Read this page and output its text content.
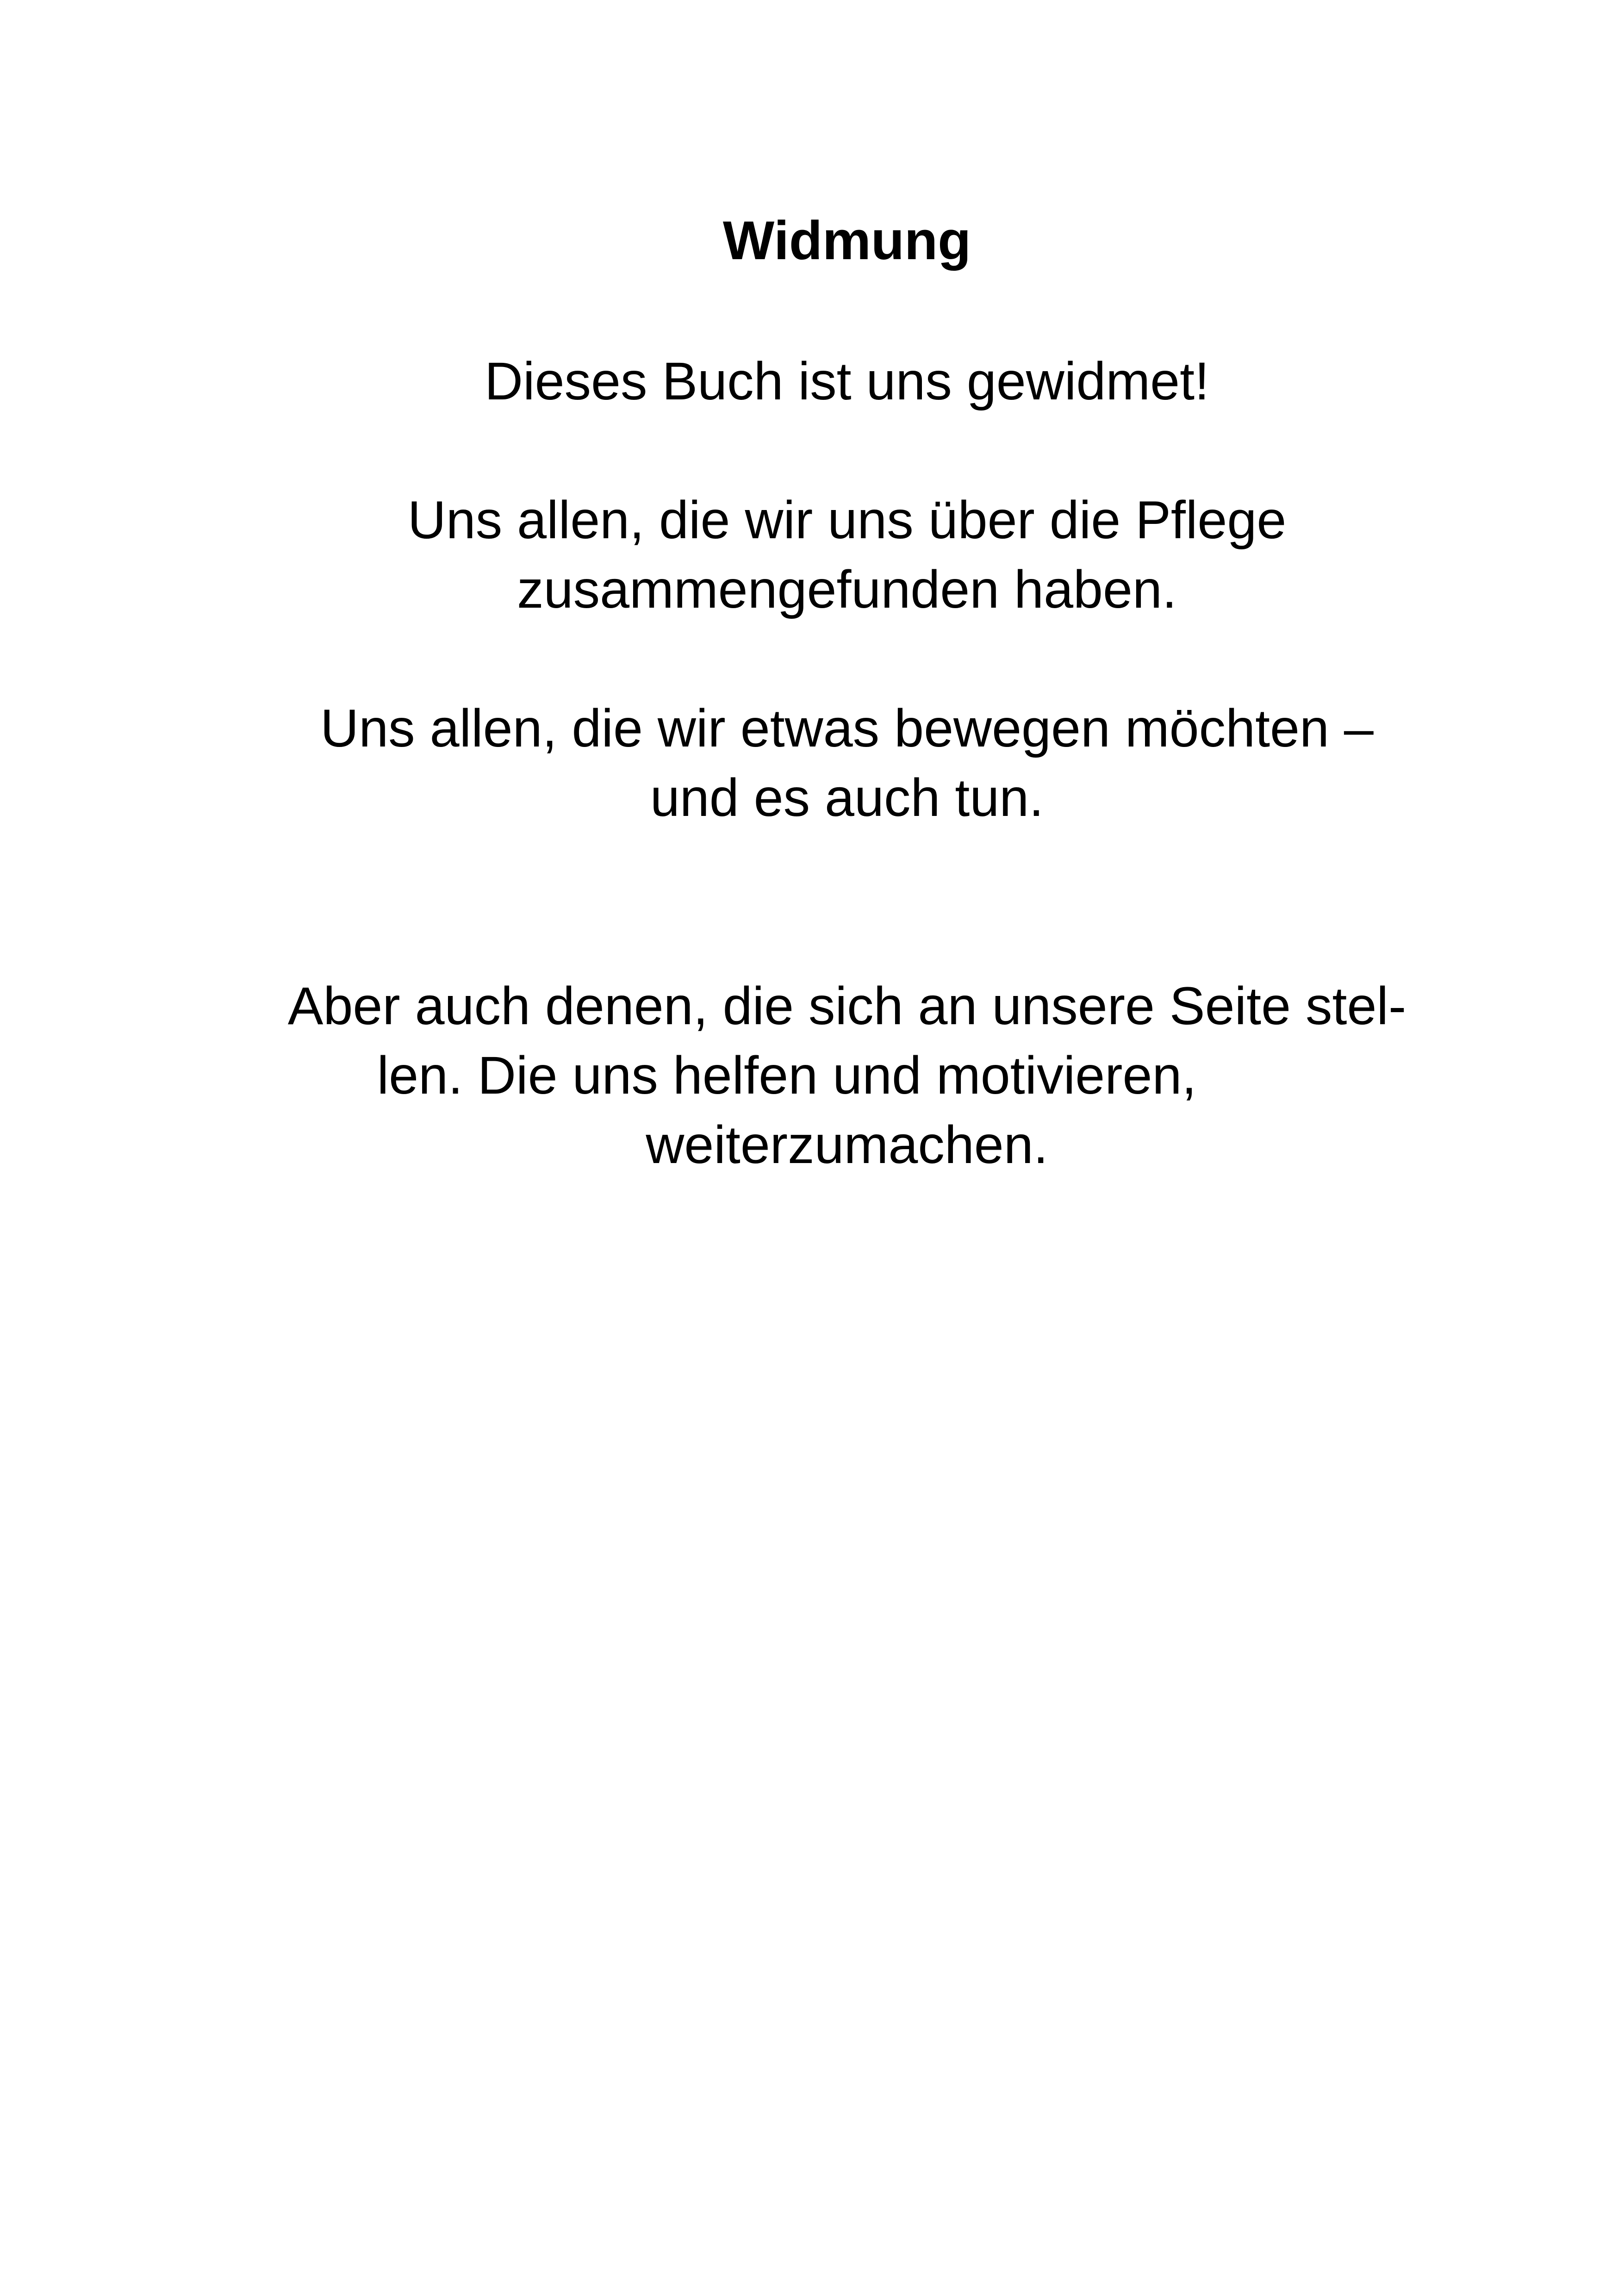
Widmung
Dieses Buch ist uns gewidmet!
Uns allen, die wir uns über die Pflege
zusammengefunden haben.
Uns allen, die wir etwas bewegen möchten –
und es auch tun.
Aber auch denen, die sich an unsere Seite stel-
len. Die uns helfen und motivieren,
weiterzumachen.
